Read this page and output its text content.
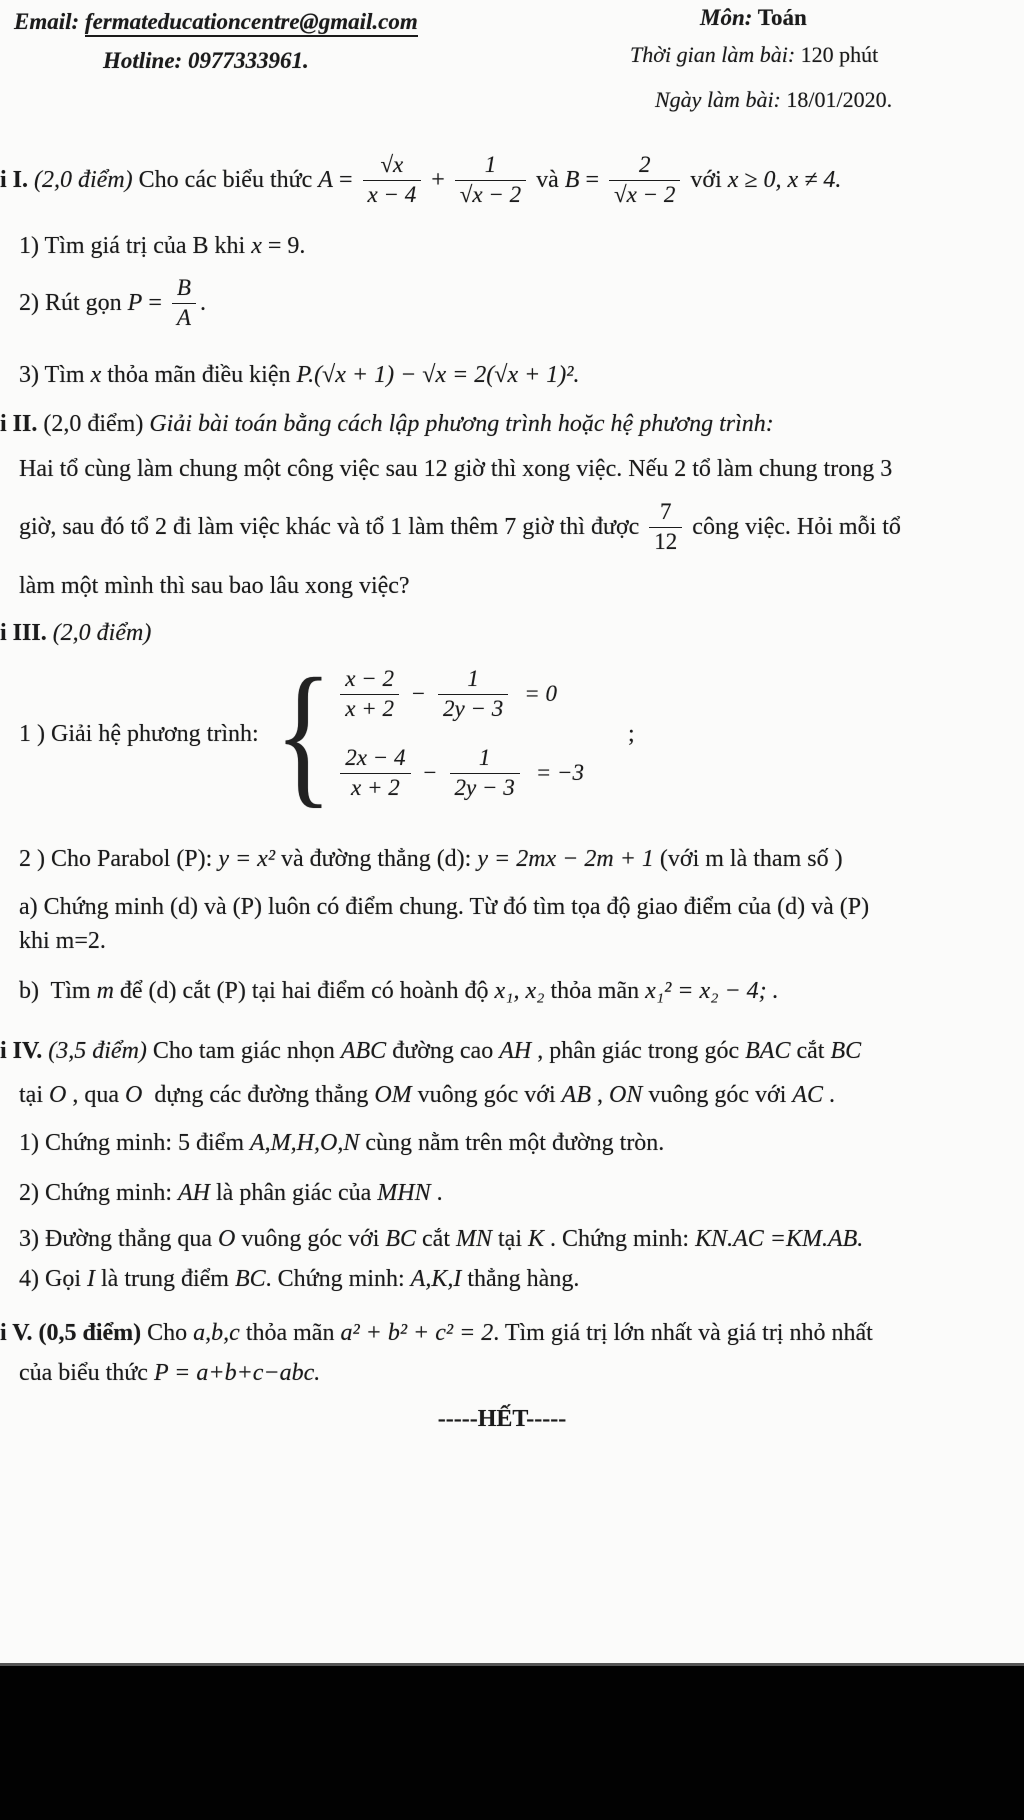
Email: fermateducationcentre@gmail.com
Hotline: 0977333961.
Môn: Toán
Thời gian làm bài: 120 phút
Ngày làm bài: 18/01/2020.
i I. (2,0 điểm) Cho các biểu thức $A = \frac{√x}{x - 4} + \frac{1}{√x - 2}$ và $B = \frac{2}{√x - 2}$ với x ≥ 0, x ≠ 4.
1) Tìm giá trị của B khi x = 9.
2) Rút gọn $P = \frac{B}{A}$ .
3) Tìm x thỏa mãn điều kiện P.(√x + 1) − √x = 2(√x + 1)².
i II. (2,0 điểm) Giải bài toán bằng cách lập phương trình hoặc hệ phương trình:
Hai tổ cùng làm chung một công việc sau 12 giờ thì xong việc. Nếu 2 tổ làm chung trong 3
giờ, sau đó tổ 2 đi làm việc khác và tổ 1 làm thêm 7 giờ thì được $\frac{7}{12}$ công việc. Hỏi mỗi tổ
làm một mình thì sau bao lâu xong việc?
i III. (2,0 điểm)
1 ) Giải hệ phương trình: { $\frac{x - 2}{x + 2} - \frac{1}{2y - 3} = 0$
$\frac{2x - 4}{x + 2} - \frac{1}{2y - 3} = -3$
;
2 ) Cho Parabol (P): y = x² và đường thẳng (d): y = 2mx − 2m + 1 (với m là tham số )
a) Chứng minh (d) và (P) luôn có điểm chung. Từ đó tìm tọa độ giao điểm của (d) và (P)
khi m=2.
b)  Tìm m để (d) cắt (P) tại hai điểm có hoành độ x₁, x₂ thỏa mãn x₁² = x₂ − 4; .
i IV. (3,5 điểm) Cho tam giác nhọn ABC đường cao AH , phân giác trong góc BAC cắt BC
tại O , qua O  dựng các đường thẳng OM vuông góc với AB , ON vuông góc với AC .
1) Chứng minh: 5 điểm A,M,H,O,N cùng nằm trên một đường tròn.
2) Chứng minh: AH là phân giác của MHN .
3) Đường thẳng qua O vuông góc với BC cắt MN tại K . Chứng minh: KN.AC =KM.AB.
4) Gọi I là trung điểm BC. Chứng minh: A,K,I thẳng hàng.
i V. (0,5 điểm) Cho a,b,c thỏa mãn a² + b² + c² = 2. Tìm giá trị lớn nhất và giá trị nhỏ nhất
của biểu thức P = a+b+c−abc.
-----HẾT-----
